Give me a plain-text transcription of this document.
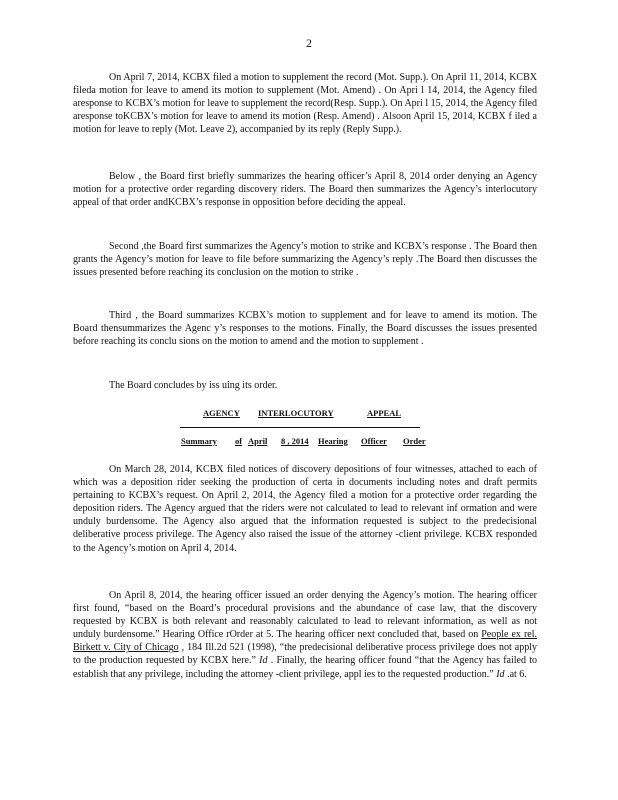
2

On April 7, 2014, KCBX filed a motion to supplement the record (Mot. Supp.). On April 11, 2014, KCBX fileda motion for leave to amend its motion to supplement (Mot. Amend) . On Apri l 14, 2014, the Agency filed aresponse to KCBX’s motion for leave to supplement the record(Resp. Supp.). On Apri l 15, 2014, the Agency filed aresponse toKCBX’s motion for leave to amend its motion (Resp. Amend) . Alsoon April 15, 2014, KCBX f iled a motion for leave to reply (Mot. Leave 2), accompanied by its reply (Reply Supp.).

Below , the Board first briefly summarizes the hearing officer’s April 8, 2014 order denying an Agency motion for a protective order regarding discovery riders. The Board then summarizes the Agency’s interlocutory appeal of that order andKCBX’s response in opposition before deciding the appeal.

Second ,the Board first summarizes the Agency’s motion to strike and KCBX’s response . The Board then grants the Agency’s motion for leave to file before summarizing the Agency’s reply .The Board then discusses the issues presented before reaching its conclusion on the motion to strike .

Third , the Board summarizes KCBX’s motion to supplement and for leave to amend its motion. The Board thensummarizes the Agenc y’s responses to the motions. Finally, the Board discusses the issues presented before reaching its conclu sions on the motion to amend and the motion to supplement .

The Board concludes by iss uing its order.

AGENCY INTERLOCUTORY	APPEAL
Summary of April 8 , 2014 Hearing Officer Order

On March 28, 2014, KCBX filed notices of discovery depositions of four witnesses, attached to each of which was a deposition rider seeking the production of certa in documents including notes and draft permits pertaining to KCBX’s request. On April 2, 2014, the Agency filed a motion for a protective order regarding the deposition riders. The Agency argued that the riders were not calculated to lead to relevant inf ormation and were unduly burdensome. The Agency also argued that the information requested is subject to the predecisional deliberative process privilege. The Agency also raised the issue of the attorney -client privilege. KCBX responded to the Agency’s motion on April 4, 2014.

On April 8, 2014, the hearing officer issued an order denying the Agency’s motion. The hearing officer first found, “based on the Board’s procedural provisions and the abundance of case law, that the discovery requested by KCBX is both relevant and reasonably calculated to lead to relevant information, as well as not unduly burdensome.” Hearing Office rOrder at 5. The hearing officer next concluded that, based on People ex rel. Birkett v. City of Chicago , 184 Ill.2d 521 (1998), “the predecisional deliberative process privilege does not apply to the production requested by KCBX here.” Id . Finally, the hearing officer found “that the Agency has failed to establish that any privilege, including the attorney -client privilege, appl ies to the requested production.” Id .at 6.
